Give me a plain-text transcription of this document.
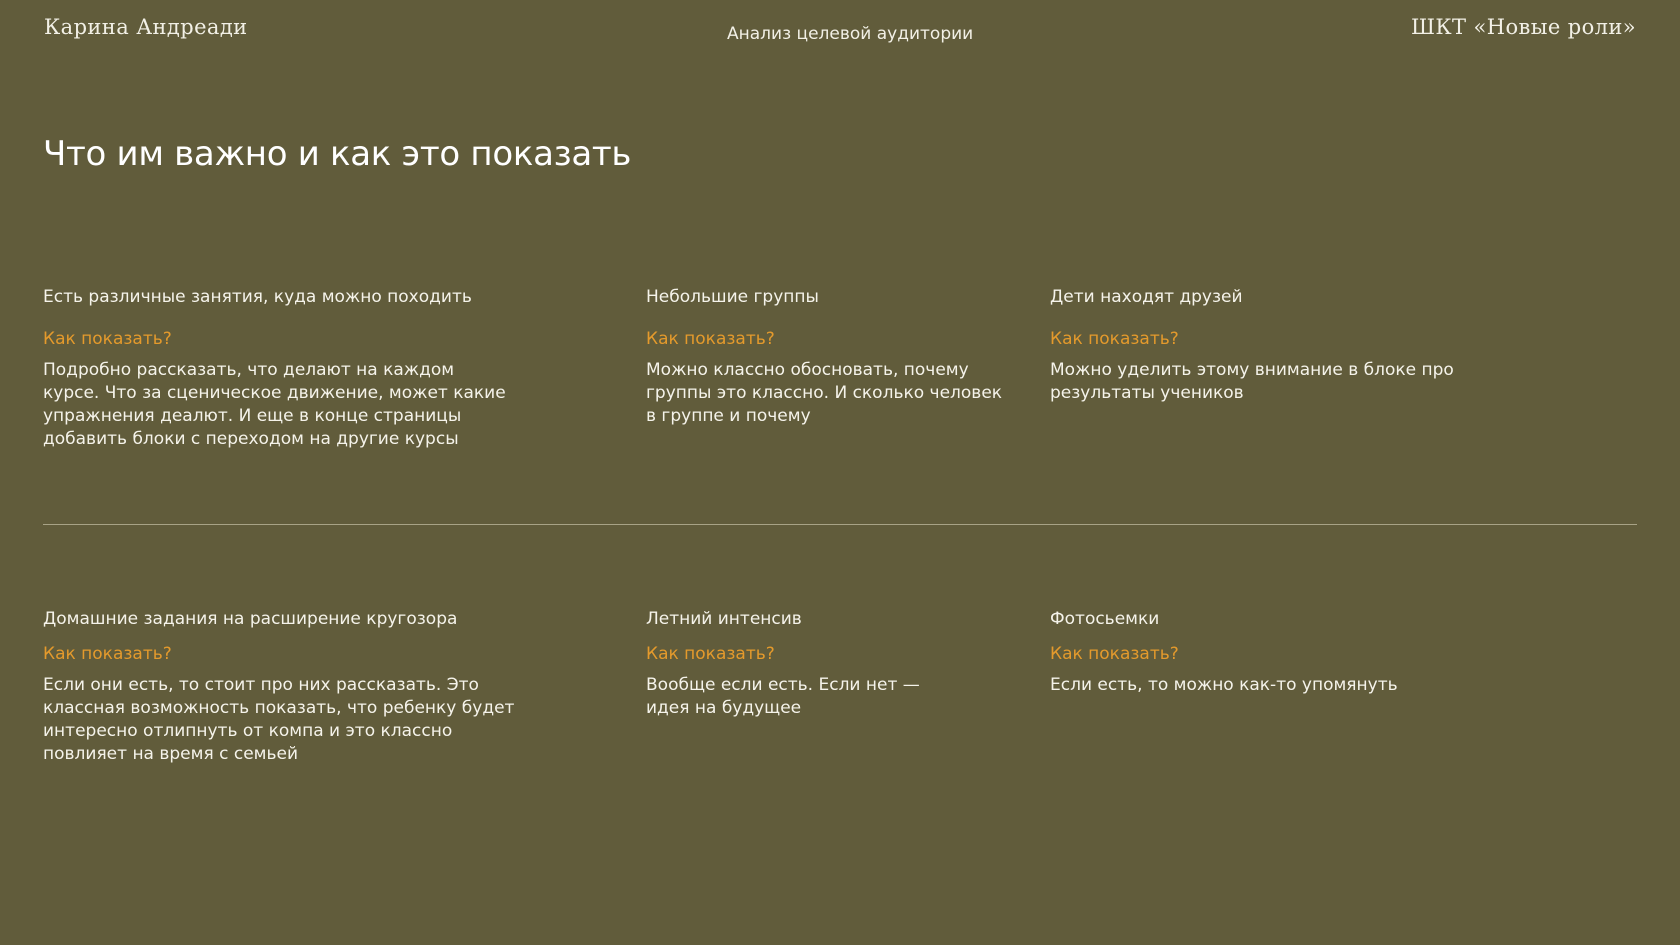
Карина Андреади	Анализ целевой аудитории	ШКТ «Новые роли»
Что им важно и как это показать

Есть различные занятия, куда можно походить

Как показать?

Подробно рассказать, что делают на каждом
курсе. Что за сценическое движение, может какие
упражнения деалют. И еще в конце страницы
добавить блоки с переходом на другие курсы

Небольшие группы

Как показать?

Можно классно обосновать, почему
группы это классно. И сколько человек
в группе и почему

Дети находят друзей

Как показать?

Можно уделить этому внимание в блоке про
результаты учеников

Домашние задания на расширение кругозора

Как показать?

Если они есть, то стоит про них рассказать. Это
классная возможность показать, что ребенку будет
интересно отлипнуть от компа и это классно
повлияет на время с семьей

Летний интенсив

Как показать?

Вообще если есть. Если нет —
идея на будущее

Фотосьемки

Как показать?

Если есть, то можно как-то упомянуть
